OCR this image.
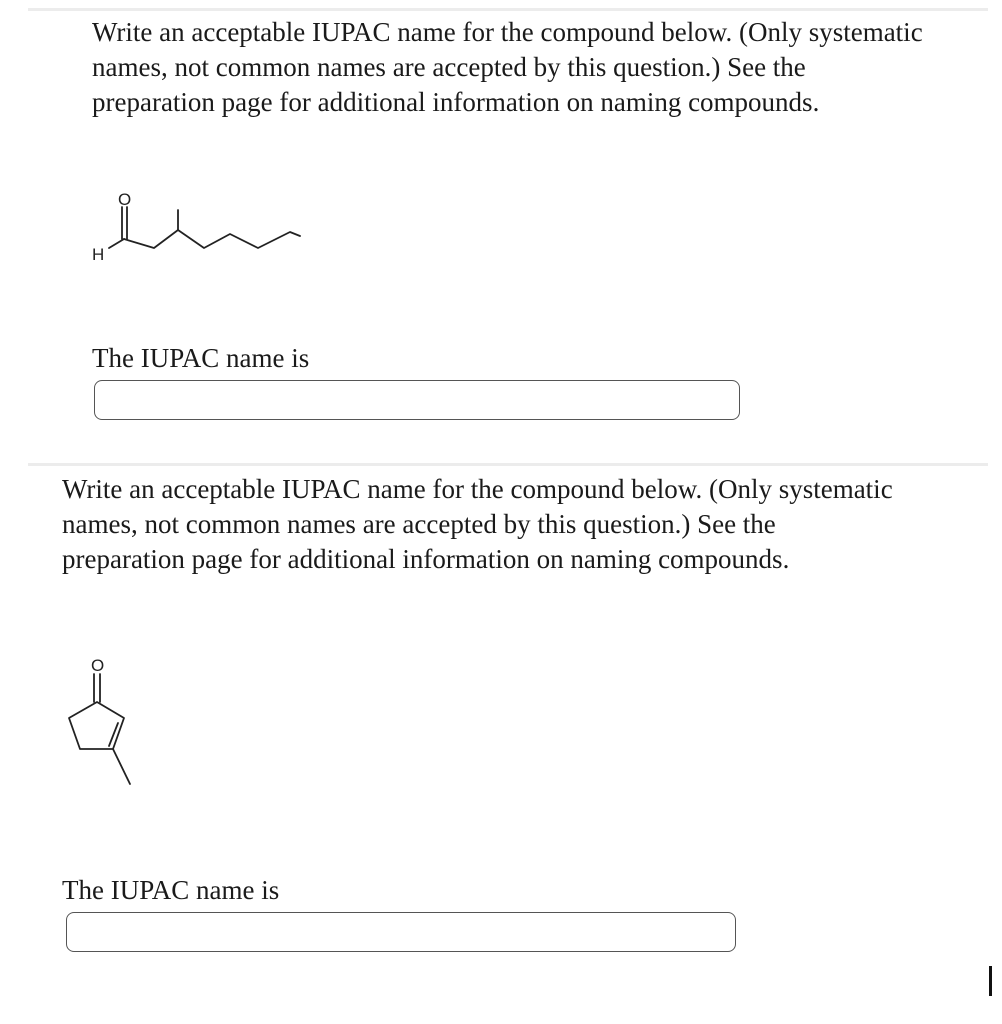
Write an acceptable IUPAC name for the compound below. (Only systematic
names, not common names are accepted by this question.) See the
preparation page for additional information on naming compounds.
O
H
The IUPAC name is
Write an acceptable IUPAC name for the compound below. (Only systematic
names, not common names are accepted by this question.) See the
preparation page for additional information on naming compounds.
O
The IUPAC name is
